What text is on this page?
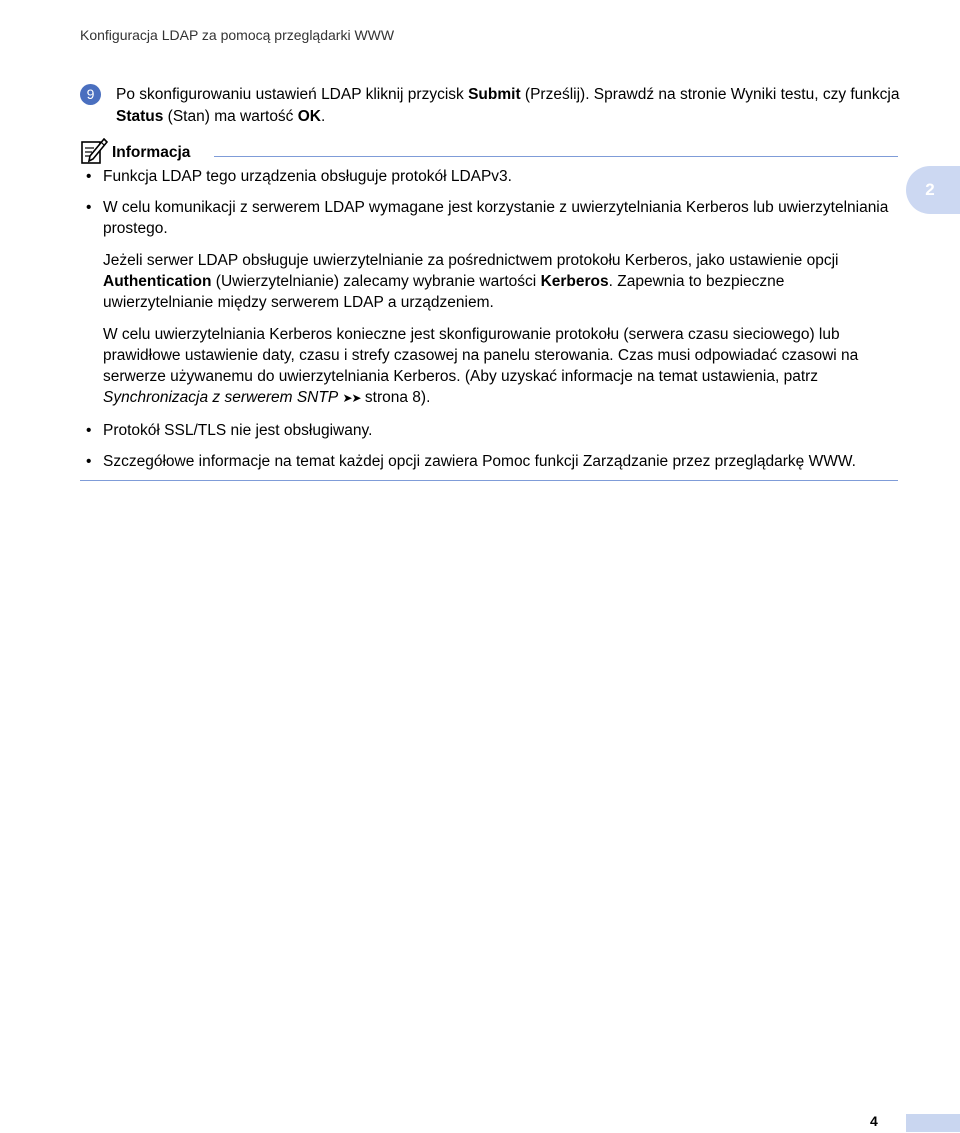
Konfiguracja LDAP za pomocą przeglądarki WWW
9	Po skonfigurowaniu ustawień LDAP kliknij przycisk Submit (Prześlij). Sprawdź na stronie Wyniki testu, czy funkcja Status (Stan) ma wartość OK.
Informacja
• Funkcja LDAP tego urządzenia obsługuje protokół LDAPv3.
• W celu komunikacji z serwerem LDAP wymagane jest korzystanie z uwierzytelniania Kerberos lub uwierzytelniania prostego.
Jeżeli serwer LDAP obsługuje uwierzytelnianie za pośrednictwem protokołu Kerberos, jako ustawienie opcji Authentication (Uwierzytelnianie) zalecamy wybranie wartości Kerberos. Zapewnia to bezpieczne uwierzytelnianie między serwerem LDAP a urządzeniem.
W celu uwierzytelniania Kerberos konieczne jest skonfigurowanie protokołu (serwera czasu sieciowego) lub prawidłowe ustawienie daty, czasu i strefy czasowej na panelu sterowania. Czas musi odpowiadać czasowi na serwerze używanemu do uwierzytelniania Kerberos. (Aby uzyskać informacje na temat ustawienia, patrz Synchronizacja z serwerem SNTP ➤➤ strona 8).
• Protokół SSL/TLS nie jest obsługiwany.
• Szczegółowe informacje na temat każdej opcji zawiera Pomoc funkcji Zarządzanie przez przeglądarkę WWW.
2
4
